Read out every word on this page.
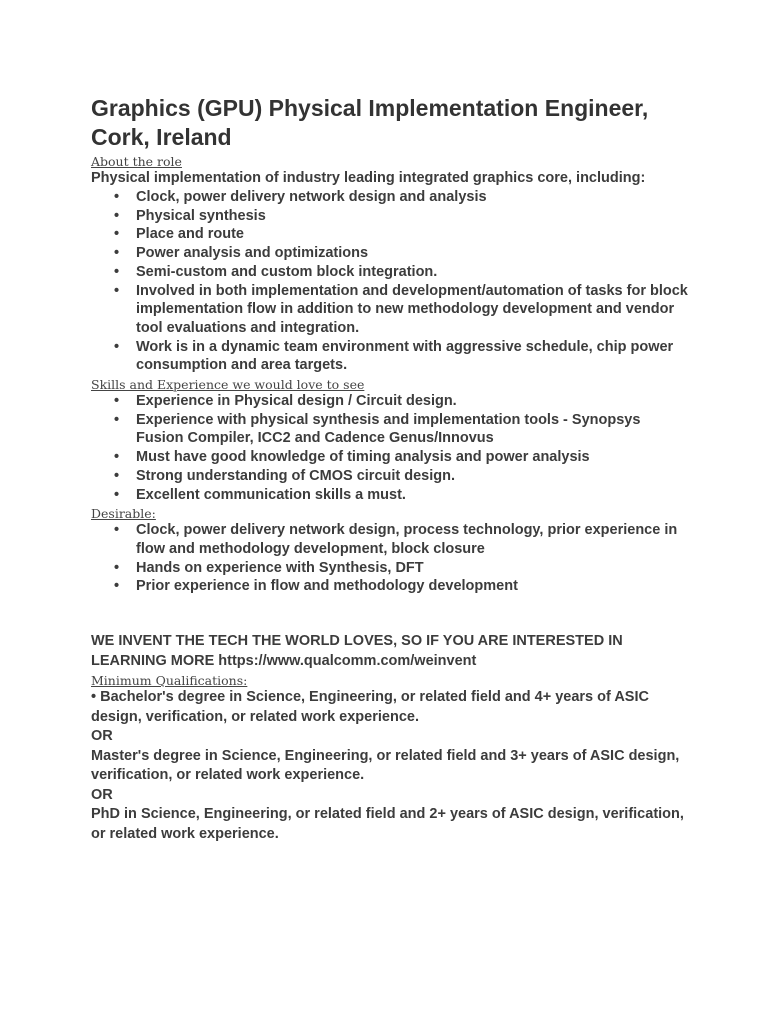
Graphics (GPU) Physical Implementation Engineer, Cork, Ireland

About the role

Physical implementation of industry leading integrated graphics core, including:

• Clock, power delivery network design and analysis
• Physical synthesis
• Place and route
• Power analysis and optimizations
• Semi-custom and custom block integration.
• Involved in both implementation and development/automation of tasks for block implementation flow in addition to new methodology development and vendor tool evaluations and integration.
• Work is in a dynamic team environment with aggressive schedule, chip power consumption and area targets.

Skills and Experience we would love to see

• Experience in Physical design / Circuit design.
• Experience with physical synthesis and implementation tools - Synopsys Fusion Compiler, ICC2 and Cadence Genus/Innovus
• Must have good knowledge of timing analysis and power analysis
• Strong understanding of CMOS circuit design.
• Excellent communication skills a must.

Desirable:

• Clock, power delivery network design, process technology, prior experience in flow and methodology development, block closure
• Hands on experience with Synthesis, DFT
• Prior experience in flow and methodology development

WE INVENT THE TECH THE WORLD LOVES, SO IF YOU ARE INTERESTED IN LEARNING MORE https://www.qualcomm.com/weinvent

Minimum Qualifications:

• Bachelor's degree in Science, Engineering, or related field and 4+ years of ASIC design, verification, or related work experience.

OR

Master's degree in Science, Engineering, or related field and 3+ years of ASIC design, verification, or related work experience.

OR

PhD in Science, Engineering, or related field and 2+ years of ASIC design, verification, or related work experience.
